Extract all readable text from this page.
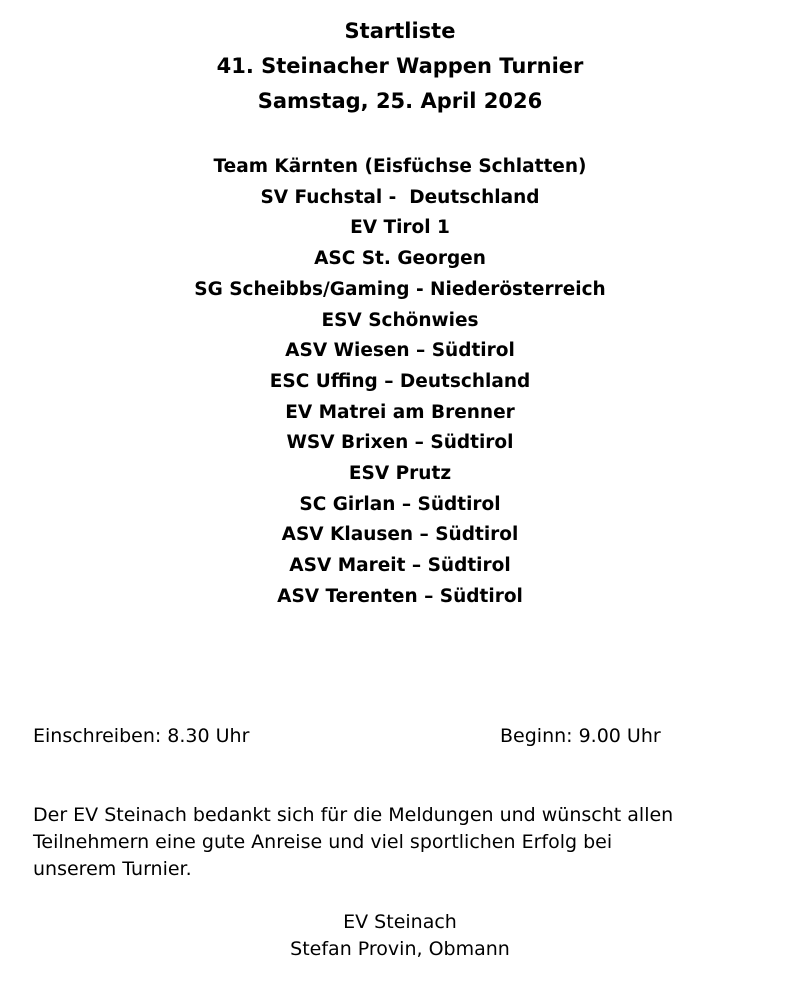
Startliste
41. Steinacher Wappen Turnier
Samstag, 25. April 2026
Team Kärnten (Eisfüchse Schlatten)
SV Fuchstal -  Deutschland
EV Tirol 1
ASC St. Georgen
SG Scheibbs/Gaming - Niederösterreich
ESV Schönwies
ASV Wiesen – Südtirol
ESC Uffing – Deutschland
EV Matrei am Brenner
WSV Brixen – Südtirol
ESV Prutz
SC Girlan – Südtirol
ASV Klausen – Südtirol
ASV Mareit – Südtirol
ASV Terenten – Südtirol
Einschreiben: 8.30 Uhr	Beginn: 9.00 Uhr

Der EV Steinach bedankt sich für die Meldungen und wünscht allen
Teilnehmern eine gute Anreise und viel sportlichen Erfolg bei
unserem Turnier.

EV Steinach
Stefan Provin, Obmann
